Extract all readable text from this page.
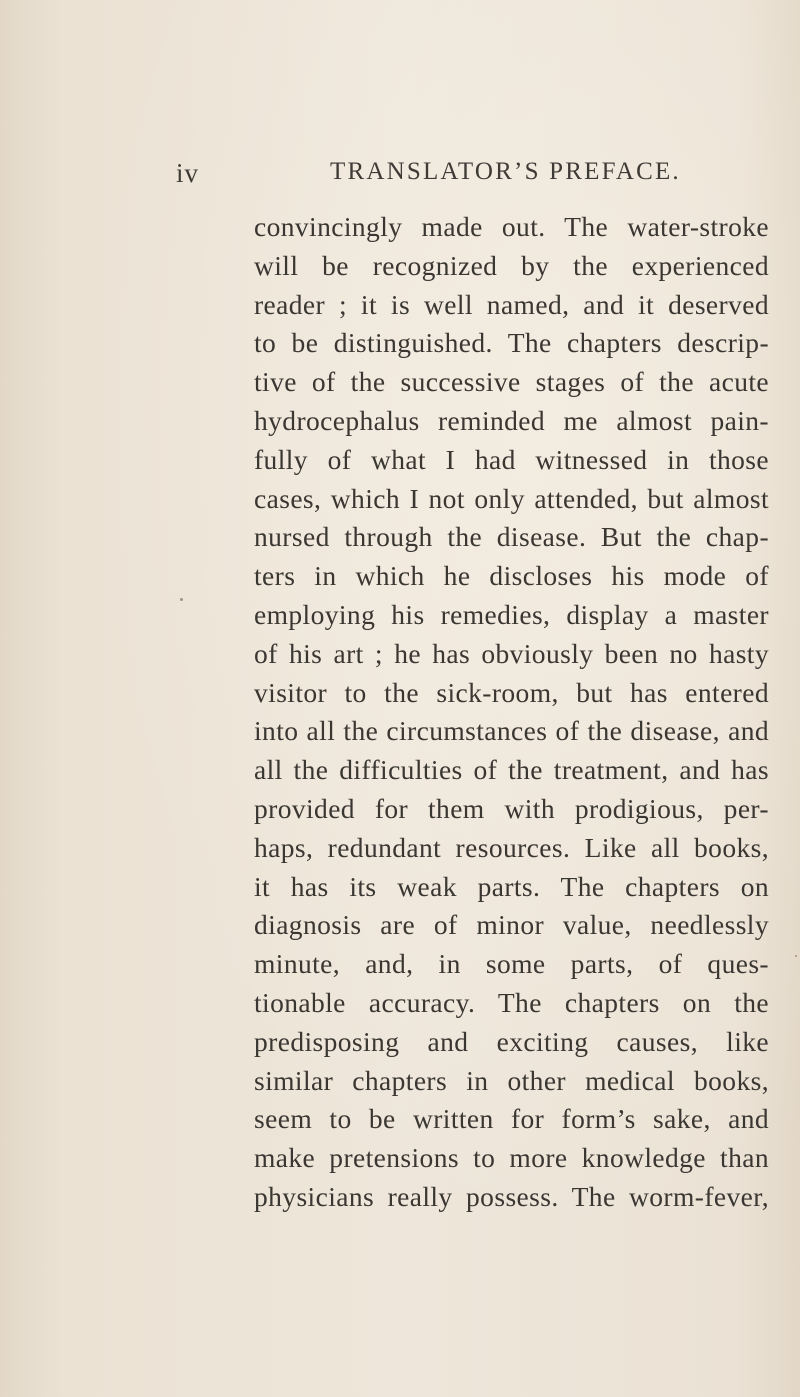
iv	TRANSLATOR’S PREFACE.
convincingly made out. The water-stroke
will be recognized by the experienced
reader ; it is well named, and it deserved
to be distinguished. The chapters descrip-
tive of the successive stages of the acute
hydrocephalus reminded me almost pain-
fully of what I had witnessed in those
cases, which I not only attended, but almost
nursed through the disease. But the chap-
ters in which he discloses his mode of
employing his remedies, display a master
of his art ; he has obviously been no hasty
visitor to the sick-room, but has entered
into all the circumstances of the disease, and
all the difficulties of the treatment, and has
provided for them with prodigious, per-
haps, redundant resources. Like all books,
it has its weak parts. The chapters on
diagnosis are of minor value, needlessly
minute, and, in some parts, of ques-
tionable accuracy. The chapters on the
predisposing and exciting causes, like
similar chapters in other medical books,
seem to be written for form’s sake, and
make pretensions to more knowledge than
physicians really possess. The worm-fever,
